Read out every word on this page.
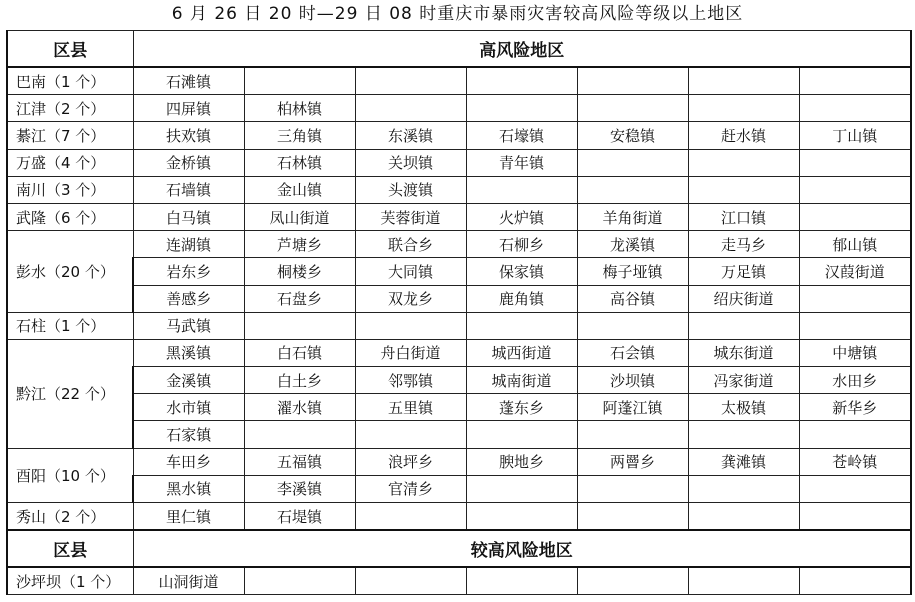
6 月 26 日 20 时—29 日 08 时重庆市暴雨灾害较高风险等级以上地区
区县	高风险地区						
巴南（1 个）	石滩镇						
江津（2 个）	四屏镇	柏林镇					
綦江（7 个）	扶欢镇	三角镇	东溪镇	石壕镇	安稳镇	赶水镇	丁山镇
万盛（4 个）	金桥镇	石林镇	关坝镇	青年镇			
南川（3 个）	石墙镇	金山镇	头渡镇				
武隆（6 个）	白马镇	凤山街道	芙蓉街道	火炉镇	羊角街道	江口镇	
彭水（20 个）	连湖镇	芦塘乡	联合乡	石柳乡	龙溪镇	走马乡	郁山镇
	岩东乡	桐楼乡	大同镇	保家镇	梅子垭镇	万足镇	汉葭街道
	善感乡	石盘乡	双龙乡	鹿角镇	高谷镇	绍庆街道	
石柱（1 个）	马武镇						
黔江（22 个）	黑溪镇	白石镇	舟白街道	城西街道	石会镇	城东街道	中塘镇
	金溪镇	白土乡	邻鄂镇	城南街道	沙坝镇	冯家街道	水田乡
	水市镇	濯水镇	五里镇	蓬东乡	阿蓬江镇	太极镇	新华乡
	石家镇						
酉阳（10 个）	车田乡	五福镇	浪坪乡	腴地乡	两罾乡	龚滩镇	苍岭镇
	黑水镇	李溪镇	官清乡				
秀山（2 个）	里仁镇	石堤镇					
区县	较高风险地区						
沙坪坝（1 个）	山洞街道						
